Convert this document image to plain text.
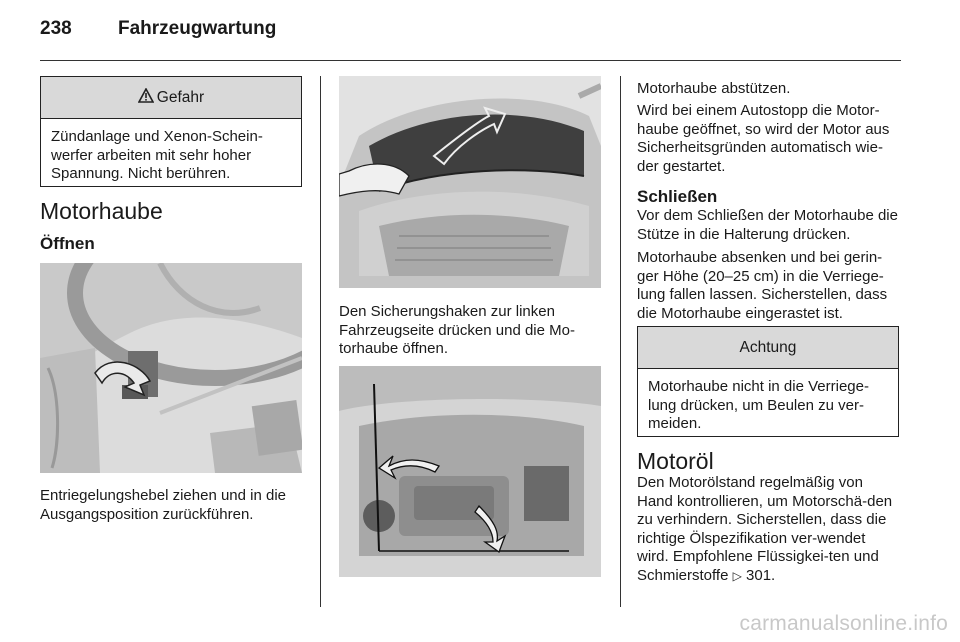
238 Fahrzeugwartung
Gefahr
Zündanlage und Xenon-Schein-werfer arbeiten mit sehr hoher Spannung. Nicht berühren.
Motorhaube
Öffnen

Entriegelungshebel ziehen und in die Ausgangsposition zurückführen.

Den Sicherungshaken zur linken Fahrzeugseite drücken und die Mo-torhaube öffnen.

Motorhaube abstützen.

Wird bei einem Autostopp die Motor-haube geöffnet, so wird der Motor aus Sicherheitsgründen automatisch wie-der gestartet.

Schließen

Vor dem Schließen der Motorhaube die Stütze in die Halterung drücken.

Motorhaube absenken und bei gerin-ger Höhe (20–25 cm) in die Verriege-lung fallen lassen. Sicherstellen, dass die Motorhaube eingerastet ist.

Achtung
Motorhaube nicht in die Verriege-lung drücken, um Beulen zu ver-meiden.
Motoröl

Den Motorölstand regelmäßig von Hand kontrollieren, um Motorschä-den zu verhindern. Sicherstellen, dass die richtige Ölspezifikation ver-wendet wird. Empfohlene Flüssigkei-ten und Schmierstoffe ▷ 301.

carmanualsonline.info
